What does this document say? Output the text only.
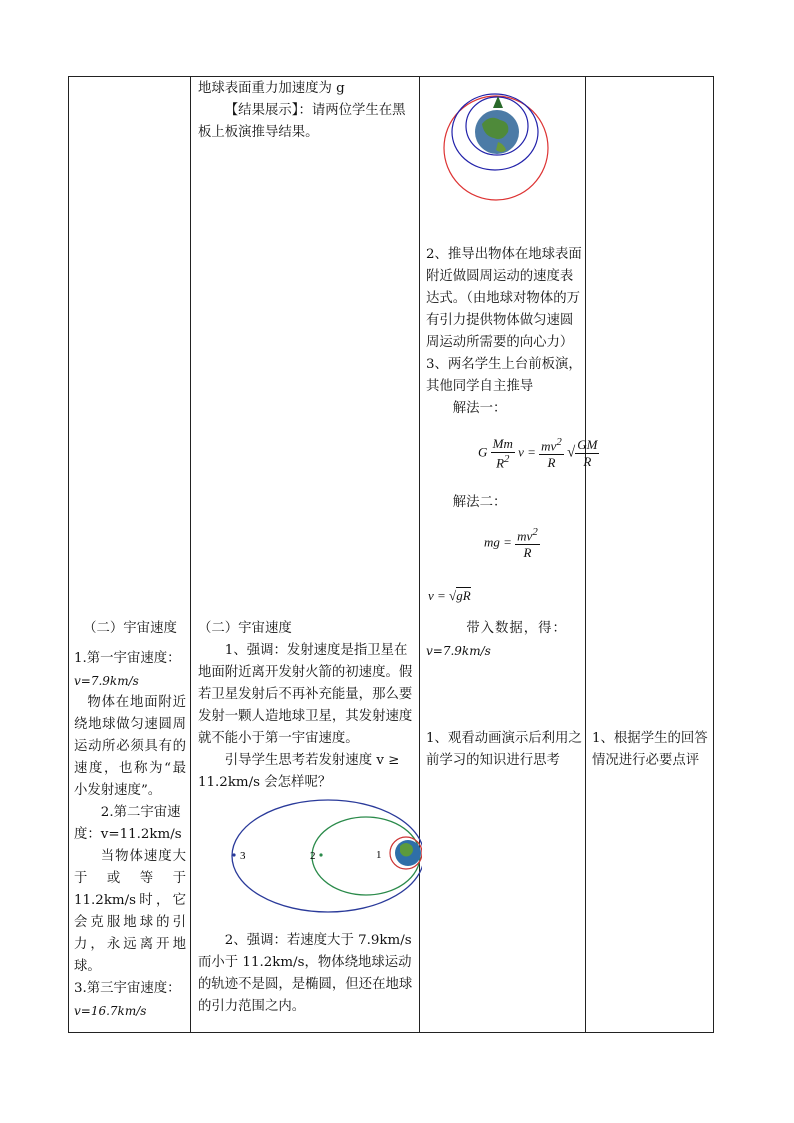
地球表面重力加速度为 g

【结果展示】：请两位学生在黑板上板演推导结果。

2、推导出物体在地球表面附近做圆周运动的速度表达式。（由地球对物体的万有引力提供物体做匀速圆周运动所需要的向心力）

3、两名学生上台前板演，其他同学自主推导

解法一：

G $\frac{Mm}{R^2}$ $v = \frac{mv^2}{R}$ √ $\frac{GM}{R}$

解法二：

mg = $\frac{mv^2}{R}$
v = √gR

带入数据，得：

v=7.9km/s

（二）宇宙速度

1.第一宇宙速度：

v=7.9km/s

物体在地面附近绕地球做匀速圆周运动所必须具有的速度，也称为“最小发射速度”。

2.第二宇宙速度：v=11.2km/s

当物体速度大于或等于11.2km/s时，它会克服地球的引力，永远离开地球。

3.第三宇宙速度：

v=16.7km/s

（二）宇宙速度

1、强调：发射速度是指卫星在地面附近离开发射火箭的初速度。假若卫星发射后不再补充能量，那么要发射一颗人造地球卫星，其发射速度就不能小于第一宇宙速度。

引导学生思考若发射速度 v ≥ 11.2km/s 会怎样呢？

3	2	1

2、强调：若速度大于 7.9km/s 而小于 11.2km/s，物体绕地球运动的轨迹不是圆，是椭圆，但还在地球的引力范围之内。

1、观看动画演示后利用之前学习的知识进行思考

1、根据学生的回答情况进行必要点评
